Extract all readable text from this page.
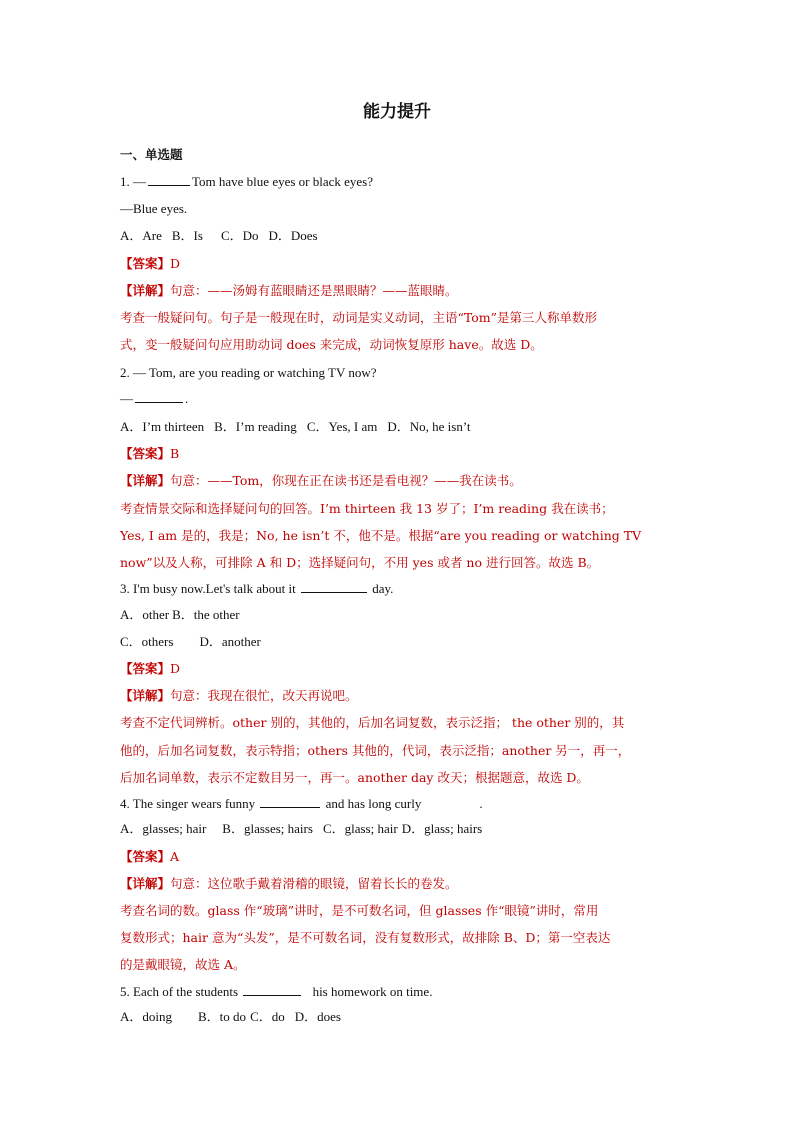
能力提升
一、单选题
1. —	Tom have blue eyes or black eyes?
—Blue eyes.
A．Are B．Is C．Do D．Does
【答案】D
【详解】句意：——汤姆有蓝眼睛还是黑眼睛？——蓝眼睛。
考查一般疑问句。句子是一般现在时，动词是实义动词，主语“Tom”是第三人称单数形
式，变一般疑问句应用助动词 does 来完成，动词恢复原形 have。故选 D。
2. — Tom, are you reading or watching TV now?
—	.
A．I’m thirteen B．I’m reading C．Yes, I am D．No, he isn’t
【答案】B
【详解】句意：——Tom，你现在正在读书还是看电视？——我在读书。
考查情景交际和选择疑问句的回答。I’m thirteen 我 13 岁了；I’m reading 我在读书；
Yes, I am 是的，我是；No, he isn’t 不，他不是。根据“are you reading or watching TV
now”以及人称，可排除 A 和 D；选择疑问句，不用 yes 或者 no 进行回答。故选 B。
3. I'm busy now.Let's talk about it	day.
A．other B．the other
C．others D．another
【答案】D
【详解】句意：我现在很忙，改天再说吧。
考查不定代词辨析。other 别的，其他的，后加名词复数，表示泛指； the other 别的，其
他的，后加名词复数，表示特指；others 其他的，代词，表示泛指；another 另一，再一，
后加名词单数，表示不定数目另一，再一。another day 改天；根据题意，故选 D。
4. The singer wears funny	and has long curly	.
A．glasses; hair B．glasses; hairs C．glass; hair D．glass; hairs
【答案】A
【详解】句意：这位歌手戴着滑稽的眼镜，留着长长的卷发。
考查名词的数。glass 作“玻璃”讲时，是不可数名词，但 glasses 作“眼镜”讲时，常用
复数形式；hair 意为“头发”，是不可数名词，没有复数形式，故排除 B、D；第一空表达
的是戴眼镜，故选 A。
5. Each of the students	his homework on time.
A．doing B．to do C．do D．does
